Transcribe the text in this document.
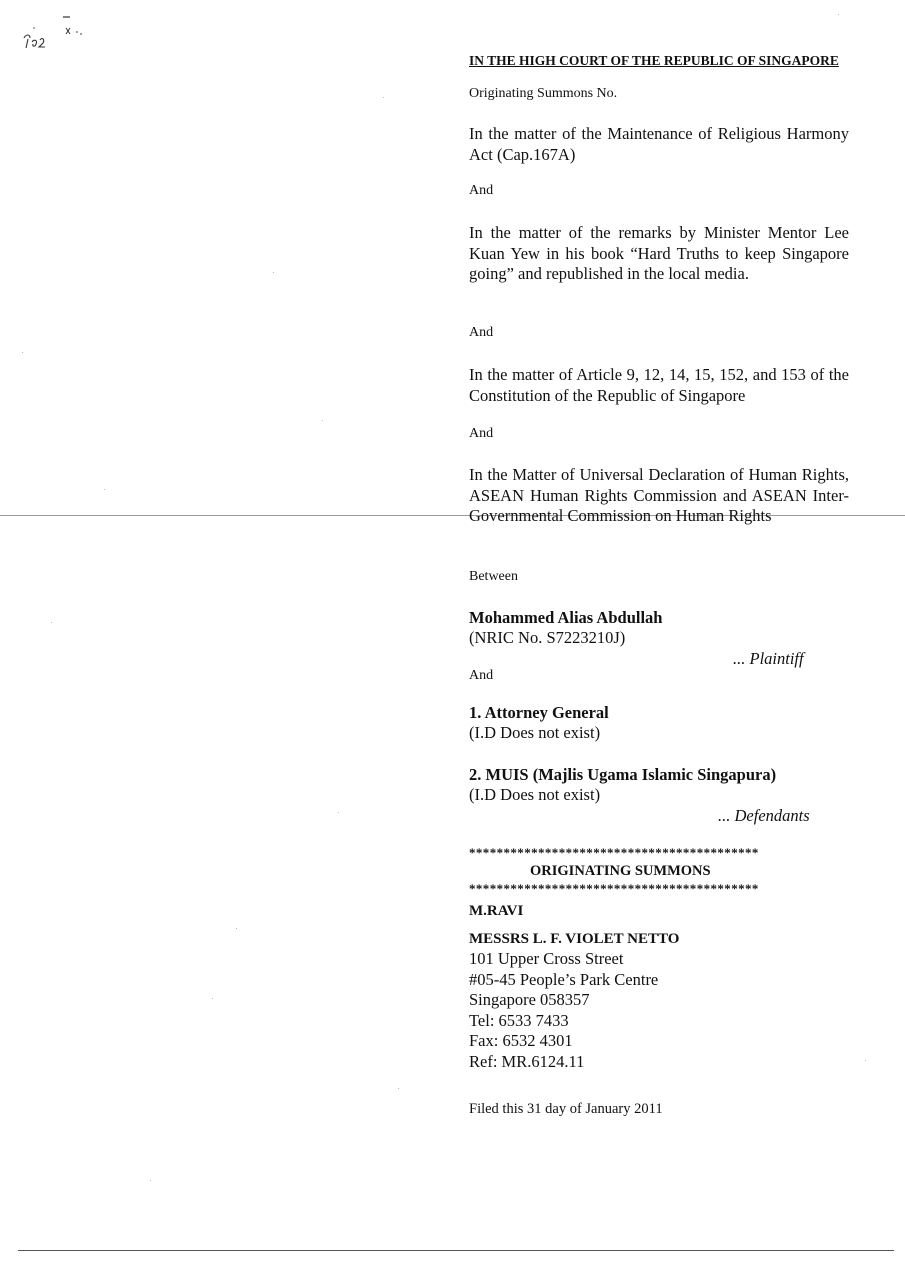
IN THE HIGH COURT OF THE REPUBLIC OF SINGAPORE
Originating Summons No.
In the matter of the Maintenance of Religious Harmony Act (Cap.167A)
And
In the matter of the remarks by Minister Mentor Lee Kuan Yew in his book “Hard Truths to keep Singapore going” and republished in the local media.
And
In the matter of Article 9, 12, 14, 15, 152, and 153 of the Constitution of the Republic of Singapore
And
In the Matter of Universal Declaration of Human Rights, ASEAN Human Rights Commission and ASEAN Inter-Governmental Commission on Human Rights
Between
Mohammed Alias Abdullah
(NRIC No. S7223210J)
... Plaintiff
And
1. Attorney General
(I.D Does not exist)
2. MUIS (Majlis Ugama Islamic Singapura)
(I.D Does not exist)
... Defendants
******************************************
ORIGINATING SUMMONS
******************************************
M.RAVI
MESSRS L. F. VIOLET NETTO
101 Upper Cross Street
#05-45 People’s Park Centre
Singapore 058357
Tel: 6533 7433
Fax: 6532 4301
Ref: MR.6124.11
Filed this 31 day of January 2011
